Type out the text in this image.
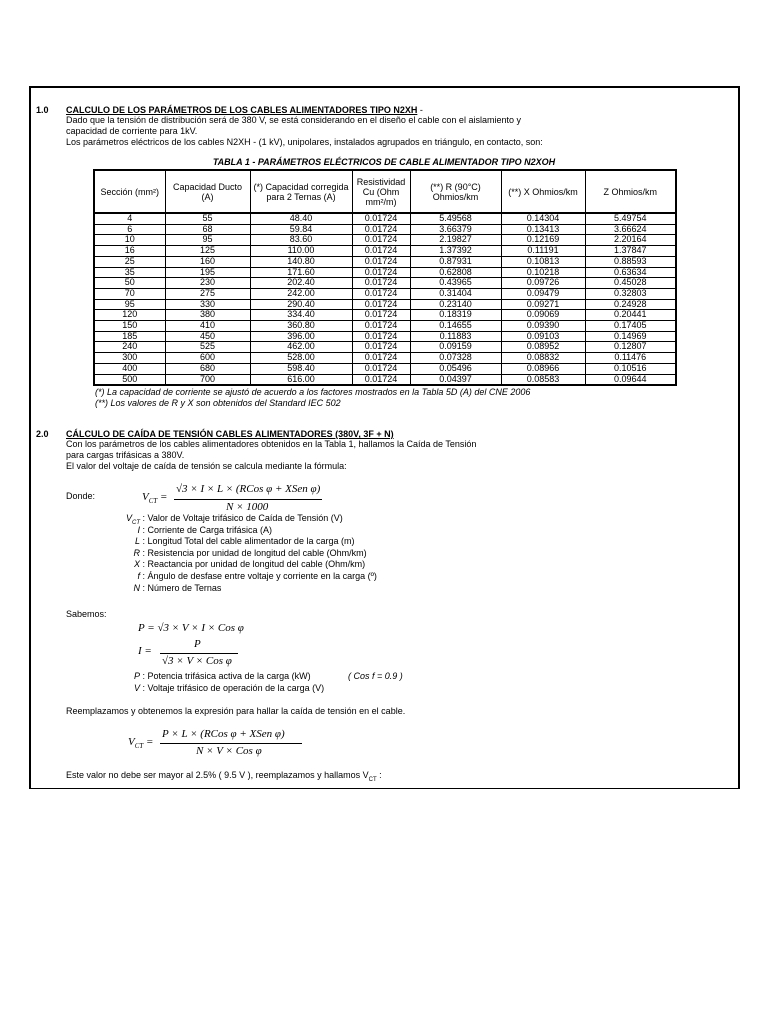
1.0 CALCULO DE LOS PARÁMETROS DE LOS CABLES ALIMENTADORES TIPO N2XH -
Dado que la tensión de distribución será de 380 V, se está considerando en el diseño el cable con el aislamiento y
capacidad de corriente para 1kV.
Los parámetros eléctricos de los cables N2XH - (1 kV), unipolares, instalados agrupados en triángulo, en contacto, son:
TABLA 1 - PARÁMETROS ELÉCTRICOS DE CABLE ALIMENTADOR TIPO N2XOH
Sección (mm²)	Capacidad Ducto (A)	(*) Capacidad corregida para 2 Ternas (A)	Resistividad Cu (Ohm mm²/m)	(**) R (90°C) Ohmios/km	(**) X Ohmios/km	Z Ohmios/km
4	55	48.40	0.01724	5.49568	0.14304	5.49754
6	68	59.84	0.01724	3.66379	0.13413	3.66624
10	95	83.60	0.01724	2.19827	0.12169	2.20164
16	125	110.00	0.01724	1.37392	0.11191	1.37847
25	160	140.80	0.01724	0.87931	0.10813	0.88593
35	195	171.60	0.01724	0.62808	0.10218	0.63634
50	230	202.40	0.01724	0.43965	0.09726	0.45028
70	275	242.00	0.01724	0.31404	0.09479	0.32803
95	330	290.40	0.01724	0.23140	0.09271	0.24928
120	380	334.40	0.01724	0.18319	0.09069	0.20441
150	410	360.80	0.01724	0.14655	0.09390	0.17405
185	450	396.00	0.01724	0.11883	0.09103	0.14969
240	525	462.00	0.01724	0.09159	0.08952	0.12807
300	600	528.00	0.01724	0.07328	0.08832	0.11476
400	680	598.40	0.01724	0.05496	0.08966	0.10516
500	700	616.00	0.01724	0.04397	0.08583	0.09644
(*) La capacidad de corriente se ajustó de acuerdo a los factores mostrados en la Tabla 5D (A) del CNE 2006
(**) Los valores de R y X son obtenidos del Standard IEC 502
2.0 CÁLCULO DE CAÍDA DE TENSIÓN CABLES ALIMENTADORES (380V, 3F + N)
Con los parámetros de los cables alimentadores obtenidos en la Tabla 1, hallamos la Caída de Tensión
para cargas trifásicas a 380V.
El valor del voltaje de caída de tensión se calcula mediante la fórmula:
Donde:	$V_{CT}$ =
√3 × I × L × (RCos φ + XSen φ)
N × 1000
$V_{CT}$ : Valor de Voltaje trifásico de Caída de Tensión (V)
I : Corriente de Carga trifásica (A)
L : Longitud Total del cable alimentador de la carga (m)
R : Resistencia por unidad de longitud del cable (Ohm/km)
X : Reactancia por unidad de longitud del cable (Ohm/km)
f : Ángulo de desfase entre voltaje y corriente en la carga (º)
N : Número de Ternas
Sabemos:
P = √3 × V × I × Cos φ
I =
P
√3 × V × Cos φ
P : Potencia trifásica activa de la carga (kW)
V : Voltaje trifásico de operación de la carga (V)
( Cos f = 0.9 )
Reemplazamos y obtenemos la expresión para hallar la caída de tensión en el cable.
$V_{CT}$ =
P × L × (RCos φ + XSen φ)
N × V × Cos φ
Este valor no debe ser mayor al 2.5% ( 9.5 V ), reemplazamos y hallamos $V_{CT}$ :
